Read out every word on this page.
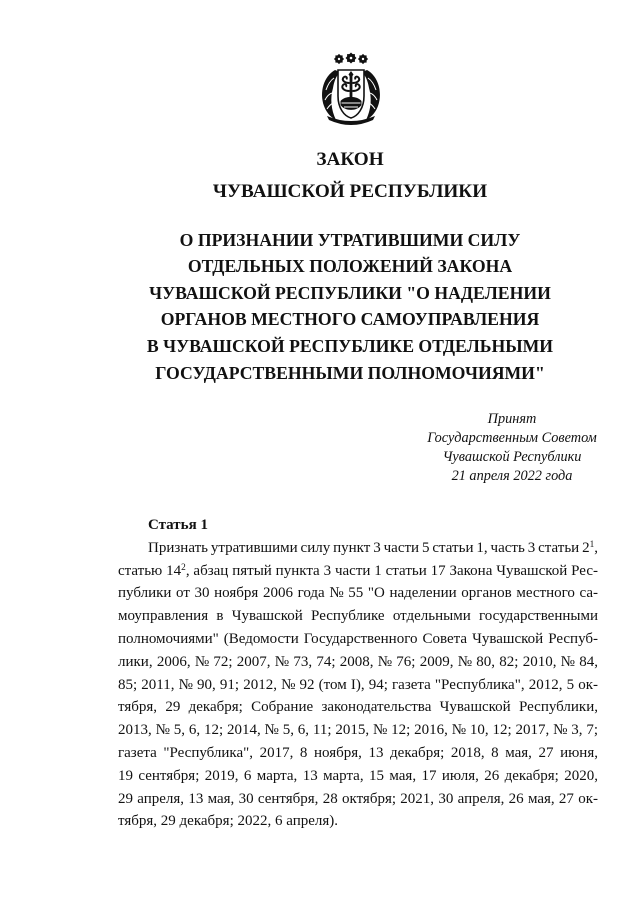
ЗАКОН
ЧУВАШСКОЙ РЕСПУБЛИКИ
О ПРИЗНАНИИ УТРАТИВШИМИ СИЛУ
ОТДЕЛЬНЫХ ПОЛОЖЕНИЙ ЗАКОНА
ЧУВАШСКОЙ РЕСПУБЛИКИ "О НАДЕЛЕНИИ
ОРГАНОВ МЕСТНОГО САМОУПРАВЛЕНИЯ
В ЧУВАШСКОЙ РЕСПУБЛИКЕ ОТДЕЛЬНЫМИ
ГОСУДАРСТВЕННЫМИ ПОЛНОМОЧИЯМИ"
Принят
Государственным Советом
Чувашской Республики
21 апреля 2022 года
Статья 1
Признать утратившими силу пункт 3 части 5 статьи 1, часть 3 статьи $2^1$,
статью $14^2$, абзац пятый пункта 3 части 1 статьи 17 Закона Чувашской Рес-
публики от 30 ноября 2006 года № 55 "О наделении органов местного са-
моуправления в Чувашской Республике отдельными государственными
полномочиями" (Ведомости Государственного Совета Чувашской Респуб-
лики, 2006, № 72; 2007, № 73, 74; 2008, № 76; 2009, № 80, 82; 2010, № 84,
85; 2011, № 90, 91; 2012, № 92 (том I), 94; газета "Республика", 2012, 5 ок-
тября, 29 декабря; Собрание законодательства Чувашской Республики,
2013, № 5, 6, 12; 2014, № 5, 6, 11; 2015, № 12; 2016, № 10, 12; 2017, № 3, 7;
газета "Республика", 2017, 8 ноября, 13 декабря; 2018, 8 мая, 27 июня,
19 сентября; 2019, 6 марта, 13 марта, 15 мая, 17 июля, 26 декабря; 2020,
29 апреля, 13 мая, 30 сентября, 28 октября; 2021, 30 апреля, 26 мая, 27 ок-
тября, 29 декабря; 2022, 6 апреля).
